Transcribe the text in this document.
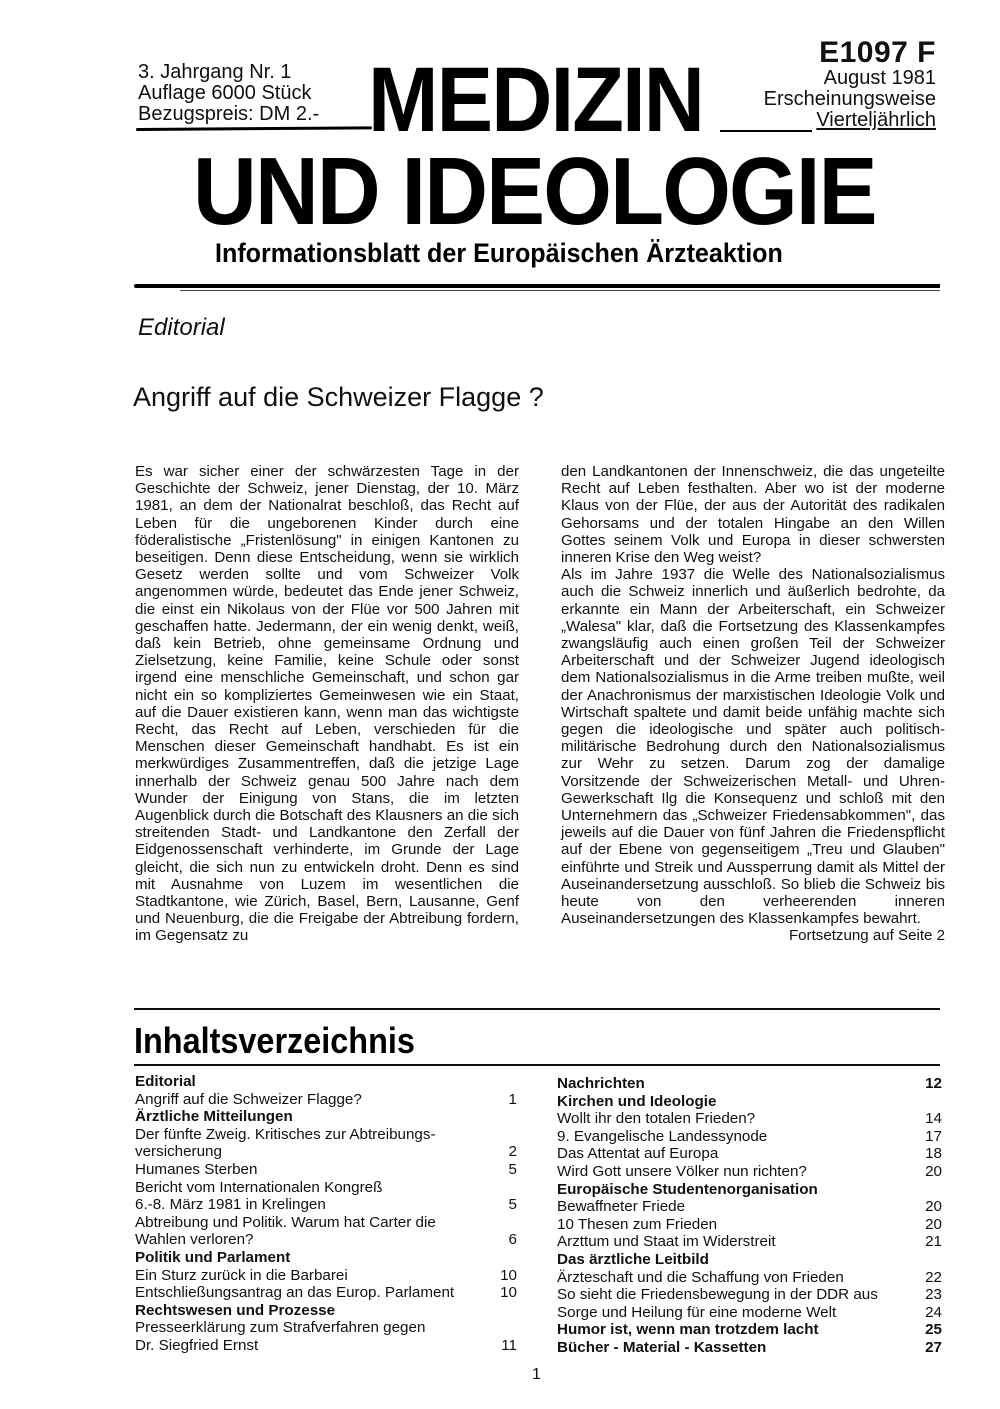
3. Jahrgang Nr. 1
Auflage 6000 Stück
Bezugspreis: DM 2.- MEDIZIN	E1097 F
August 1981
Erscheinungsweise
Vierteljährlich
UND IDEOLOGIE
Informationsblatt der Europäischen Ärzteaktion
Editorial
Angriff auf die Schweizer Flagge ?

Es war sicher einer der schwärzesten Tage in der Geschichte der Schweiz, jener Dienstag, der 10. März 1981, an dem der Nationalrat beschloß, das Recht auf Leben für die ungeborenen Kinder durch eine föderalistische „Fristenlösung" in einigen Kantonen zu beseitigen. Denn diese Entscheidung, wenn sie wirklich Gesetz werden sollte und vom Schweizer Volk angenommen würde, bedeutet das Ende jener Schweiz, die einst ein Nikolaus von der Flüe vor 500 Jahren mit geschaffen hatte. Jedermann, der ein wenig denkt, weiß, daß kein Betrieb, ohne gemeinsame Ordnung und Zielsetzung, keine Familie, keine Schule oder sonst irgend eine menschliche Gemeinschaft, und schon gar nicht ein so kompliziertes Gemeinwesen wie ein Staat, auf die Dauer existieren kann, wenn man das wichtigste Recht, das Recht auf Leben, verschieden für die Menschen dieser Gemeinschaft handhabt. Es ist ein merkwürdiges Zusammentreffen, daß die jetzige Lage innerhalb der Schweiz genau 500 Jahre nach dem Wunder der Einigung von Stans, die im letzten Augenblick durch die Botschaft des Klausners an die sich streitenden Stadt- und Landkantone den Zerfall der Eidgenossenschaft verhinderte, im Grunde der Lage gleicht, die sich nun zu entwickeln droht. Denn es sind mit Ausnahme von Luzem im wesentlichen die Stadtkantone, wie Zürich, Basel, Bern, Lausanne, Genf und Neuenburg, die die Freigabe der Abtreibung fordern, im Gegensatz zu

den Landkantonen der Innenschweiz, die das ungeteilte Recht auf Leben festhalten. Aber wo ist der moderne Klaus von der Flüe, der aus der Autorität des radikalen Gehorsams und der totalen Hingabe an den Willen Gottes seinem Volk und Europa in dieser schwersten inneren Krise den Weg weist?

Als im Jahre 1937 die Welle des Nationalsozialismus auch die Schweiz innerlich und äußerlich bedrohte, da erkannte ein Mann der Arbeiterschaft, ein Schweizer „Walesa" klar, daß die Fortsetzung des Klassenkampfes zwangsläufig auch einen großen Teil der Schweizer Arbeiterschaft und der Schweizer Jugend ideologisch dem Nationalsozialismus in die Arme treiben mußte, weil der Anachronismus der marxistischen Ideologie Volk und Wirtschaft spaltete und damit beide unfähig machte sich gegen die ideologische und später auch politisch- militärische Bedrohung durch den Nationalsozialismus zur Wehr zu setzen. Darum zog der damalige Vorsitzende der Schweizerischen Metall- und Uhren- Gewerkschaft Ilg die Konsequenz und schloß mit den Unternehmern das „Schweizer Friedensabkommen", das jeweils auf die Dauer von fünf Jahren die Friedenspflicht auf der Ebene von gegenseitigem „Treu und Glauben" einführte und Streik und Aussperrung damit als Mittel der Auseinandersetzung ausschloß. So blieb die Schweiz bis heute von den verheerenden inneren Auseinandersetzungen des Klassenkampfes bewahrt.

Fortsetzung auf Seite 2

Inhaltsverzeichnis
Editorial
Angriff auf die Schweizer Flagge?	1
Ärztliche Mitteilungen
Der fünfte Zweig. Kritisches zur Abtreibungs-
versicherung	2
Humanes Sterben	5
Bericht vom Internationalen Kongreß
6.-8. März 1981 in Krelingen	5
Abtreibung und Politik. Warum hat Carter die
Wahlen verloren?	6
Politik und Parlament
Ein Sturz zurück in die Barbarei	10
Entschließungsantrag an das Europ. Parlament	10
Rechtswesen und Prozesse
Presseerklärung zum Strafverfahren gegen
Dr. Siegfried Ernst	11
Nachrichten	12
Kirchen und Ideologie
Wollt ihr den totalen Frieden?	14
9. Evangelische Landessynode	17
Das Attentat auf Europa	18
Wird Gott unsere Völker nun richten?	20
Europäische Studentenorganisation
Bewaffneter Friede	20
10 Thesen zum Frieden	20
Arzttum und Staat im Widerstreit	21
Das ärztliche Leitbild
Ärzteschaft und die Schaffung von Frieden	22
So sieht die Friedensbewegung in der DDR aus	23
Sorge und Heilung für eine moderne Welt	24
Humor ist, wenn man trotzdem lacht	25
Bücher - Material - Kassetten	27
1
